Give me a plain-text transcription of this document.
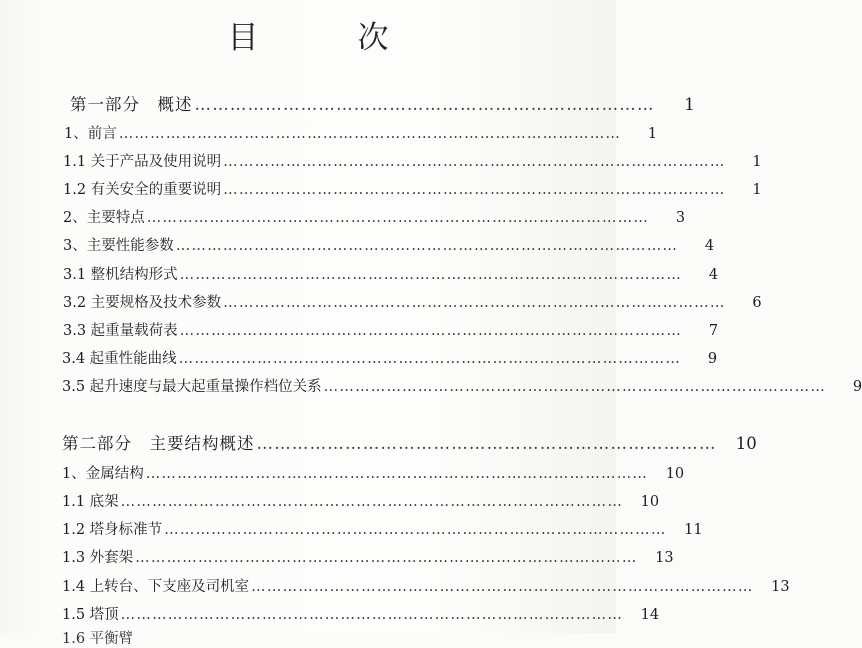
目　次
第一部分　概述 ……………………………………………………………………	1
1、前言 ……………………………………………………………………………………	1
1.1 关于产品及使用说明 ……………………………………………………………………………………	1
1.2 有关安全的重要说明 ……………………………………………………………………………………	1
2、主要特点 ……………………………………………………………………………………	3
3、主要性能参数 ……………………………………………………………………………………	4
3.1 整机结构形式 ……………………………………………………………………………………	4
3.2 主要规格及技术参数 ……………………………………………………………………………………	6
3.3 起重量载荷表 ……………………………………………………………………………………	7
3.4 起重性能曲线 ……………………………………………………………………………………	9
3.5 起升速度与最大起重量操作档位关系 ……………………………………………………………………………………	9
第二部分　主要结构概述 ……………………………………………………………………	10
1、金属结构 ……………………………………………………………………………………	10
1.1 底架 ……………………………………………………………………………………	10
1.2 塔身标准节 ……………………………………………………………………………………	11
1.3 外套架 ……………………………………………………………………………………	13
1.4 上转台、下支座及司机室 ……………………………………………………………………………………	13
1.5 塔顶 ……………………………………………………………………………………	14
1.6 平衡臂
